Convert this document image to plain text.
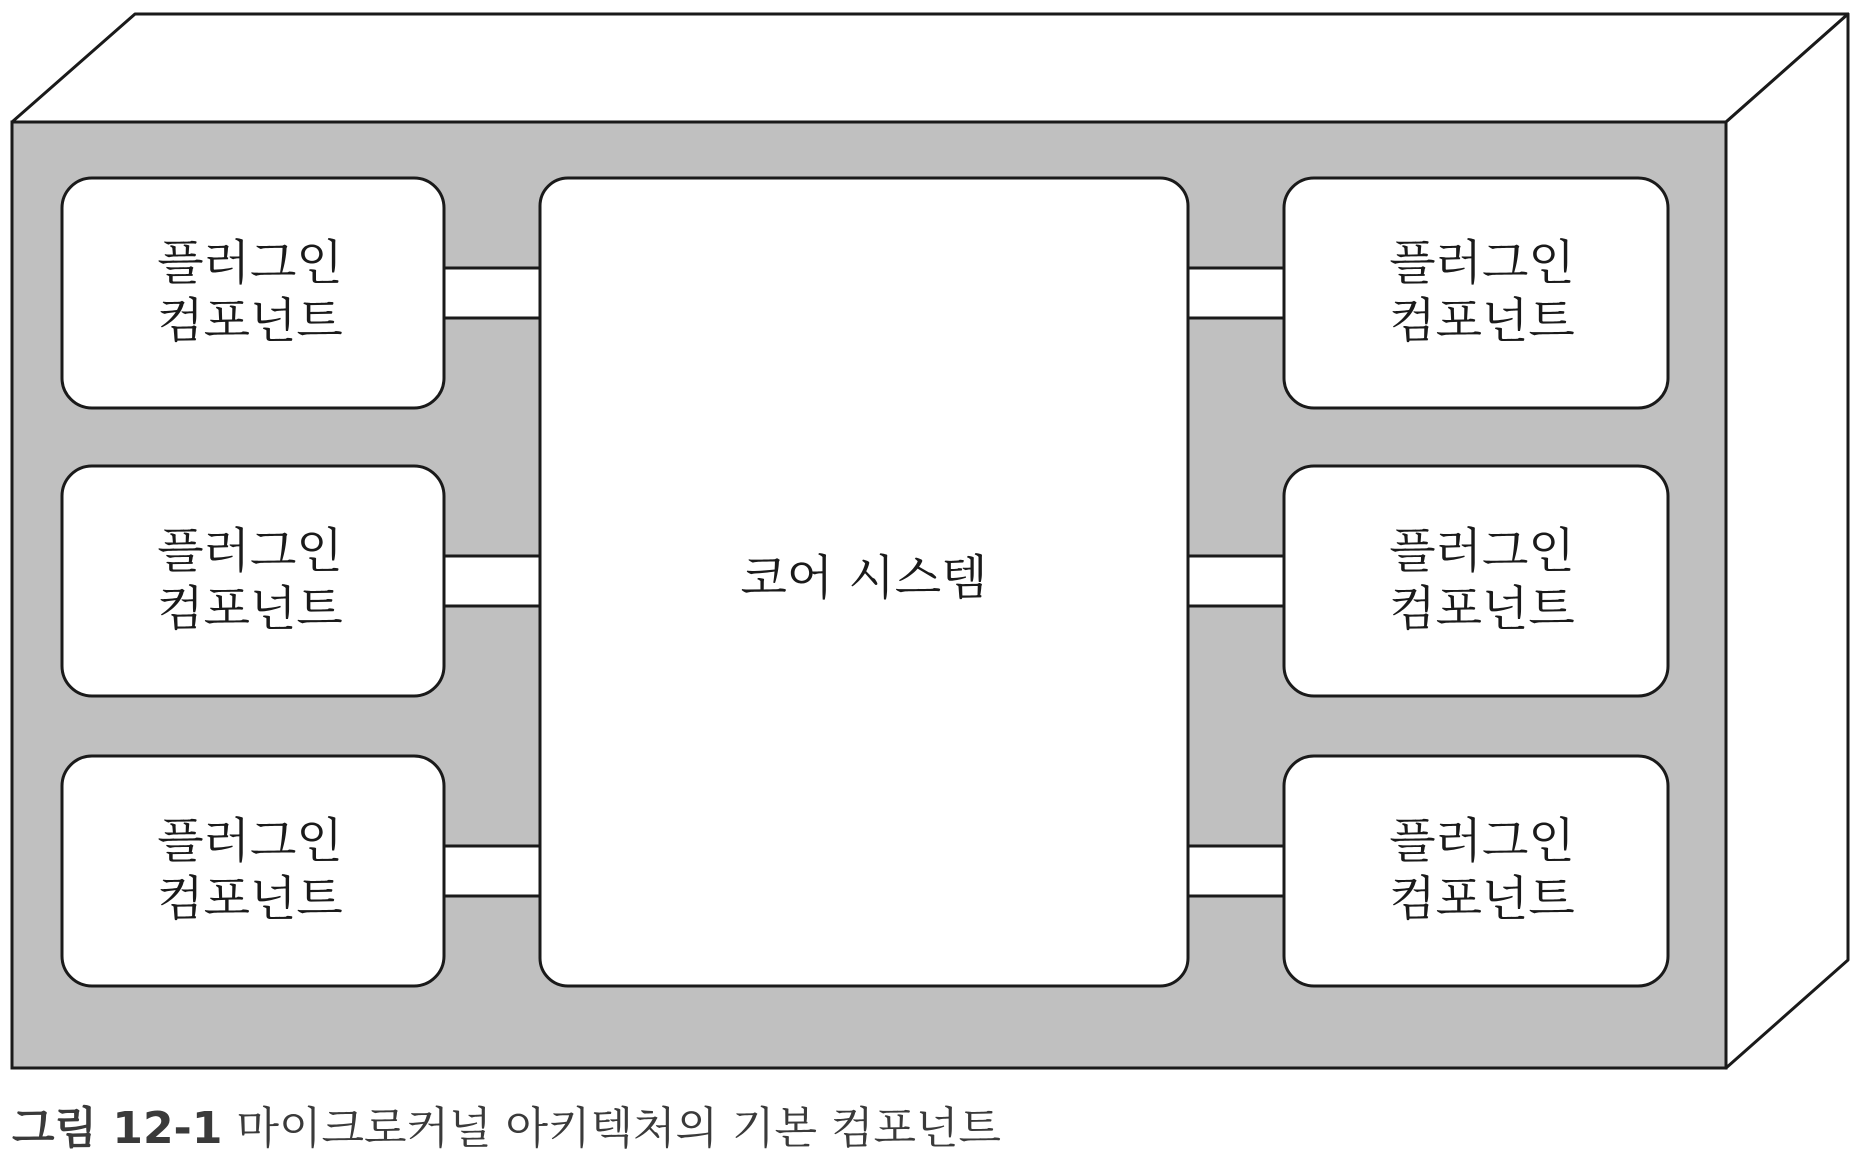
코어 시스템
플러그인
컴포넌트
플러그인
컴포넌트
플러그인
컴포넌트
플러그인
컴포넌트
플러그인
컴포넌트
플러그인
컴포넌트
그림 12-1 마이크로커널 아키텍처의 기본 컴포넌트
